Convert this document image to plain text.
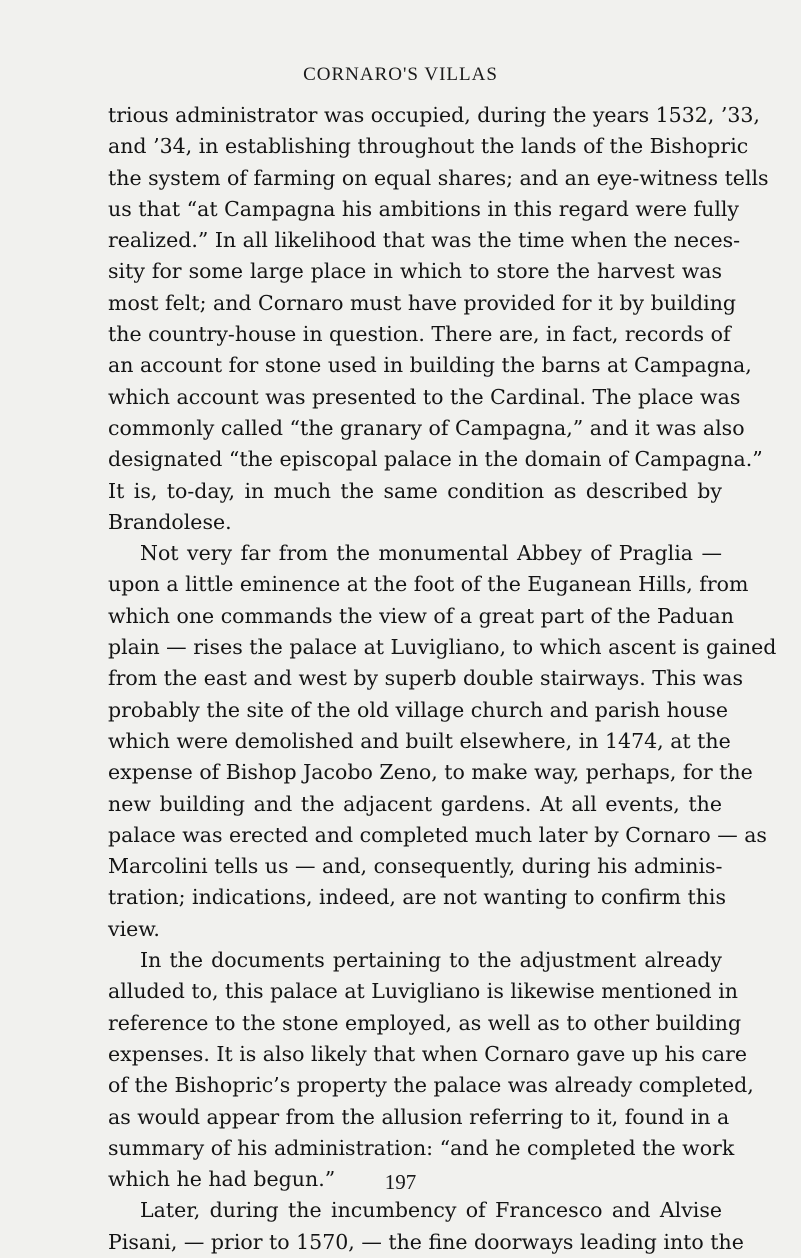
CORNARO'S VILLAS
trious administrator was occupied, during the years 1532, ’33,
and ’34, in establishing throughout the lands of the Bishopric
the system of farming on equal shares; and an eye-witness tells
us that “at Campagna his ambitions in this regard were fully
realized.” In all likelihood that was the time when the neces-
sity for some large place in which to store the harvest was
most felt; and Cornaro must have provided for it by building
the country-house in question. There are, in fact, records of
an account for stone used in building the barns at Campagna,
which account was presented to the Cardinal. The place was
commonly called “the granary of Campagna,” and it was also
designated “the episcopal palace in the domain of Campagna.”
It is, to-day, in much the same condition as described by
Brandolese.
Not very far from the monumental Abbey of Praglia —
upon a little eminence at the foot of the Euganean Hills, from
which one commands the view of a great part of the Paduan
plain — rises the palace at Luvigliano, to which ascent is gained
from the east and west by superb double stairways. This was
probably the site of the old village church and parish house
which were demolished and built elsewhere, in 1474, at the
expense of Bishop Jacobo Zeno, to make way, perhaps, for the
new building and the adjacent gardens. At all events, the
palace was erected and completed much later by Cornaro — as
Marcolini tells us — and, consequently, during his adminis-
tration; indications, indeed, are not wanting to confirm this
view.
In the documents pertaining to the adjustment already
alluded to, this palace at Luvigliano is likewise mentioned in
reference to the stone employed, as well as to other building
expenses. It is also likely that when Cornaro gave up his care
of the Bishopric’s property the palace was already completed,
as would appear from the allusion referring to it, found in a
summary of his administration: “and he completed the work
which he had begun.”
Later, during the incumbency of Francesco and Alvise
Pisani, — prior to 1570, — the fine doorways leading into the
197
